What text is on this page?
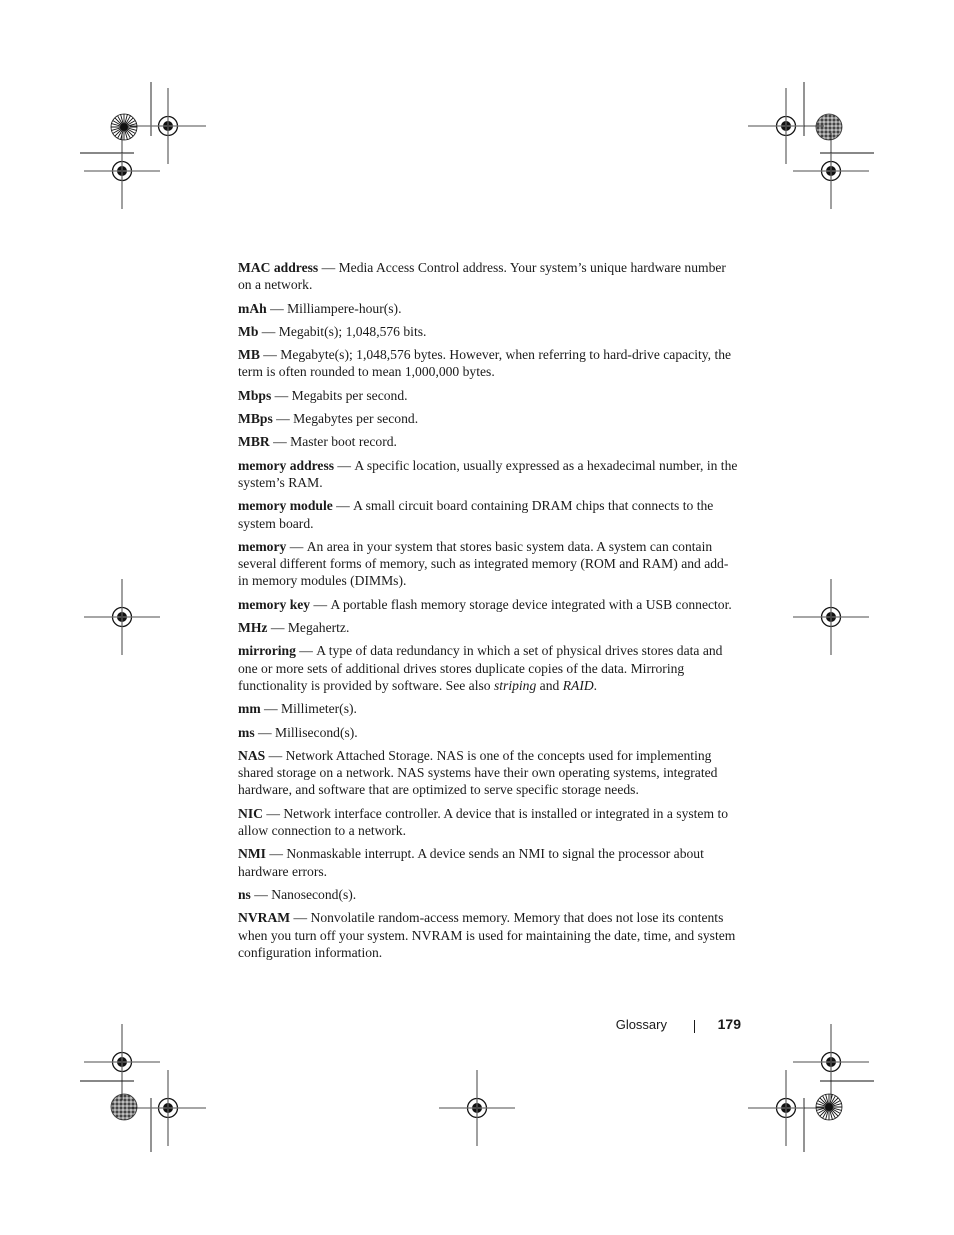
MAC address — Media Access Control address. Your system’s unique hardware number on a network.

mAh — Milliampere-hour(s).

Mb — Megabit(s); 1,048,576 bits.

MB — Megabyte(s); 1,048,576 bytes. However, when referring to hard-drive capacity, the term is often rounded to mean 1,000,000 bytes.

Mbps — Megabits per second.

MBps — Megabytes per second.

MBR — Master boot record.

memory address — A specific location, usually expressed as a hexadecimal number, in the system’s RAM.

memory module — A small circuit board containing DRAM chips that connects to the system board.

memory — An area in your system that stores basic system data. A system can contain several different forms of memory, such as integrated memory (ROM and RAM) and add-in memory modules (DIMMs).

memory key — A portable flash memory storage device integrated with a USB connector.

MHz — Megahertz.

mirroring — A type of data redundancy in which a set of physical drives stores data and one or more sets of additional drives stores duplicate copies of the data. Mirroring functionality is provided by software. See also striping and RAID.

mm — Millimeter(s).

ms — Millisecond(s).

NAS — Network Attached Storage. NAS is one of the concepts used for implementing shared storage on a network. NAS systems have their own operating systems, integrated hardware, and software that are optimized to serve specific storage needs.

NIC — Network interface controller. A device that is installed or integrated in a system to allow connection to a network.

NMI — Nonmaskable interrupt. A device sends an NMI to signal the processor about hardware errors.

ns — Nanosecond(s).

NVRAM — Nonvolatile random-access memory. Memory that does not lose its contents when you turn off your system. NVRAM is used for maintaining the date, time, and system configuration information.

Glossary	179
